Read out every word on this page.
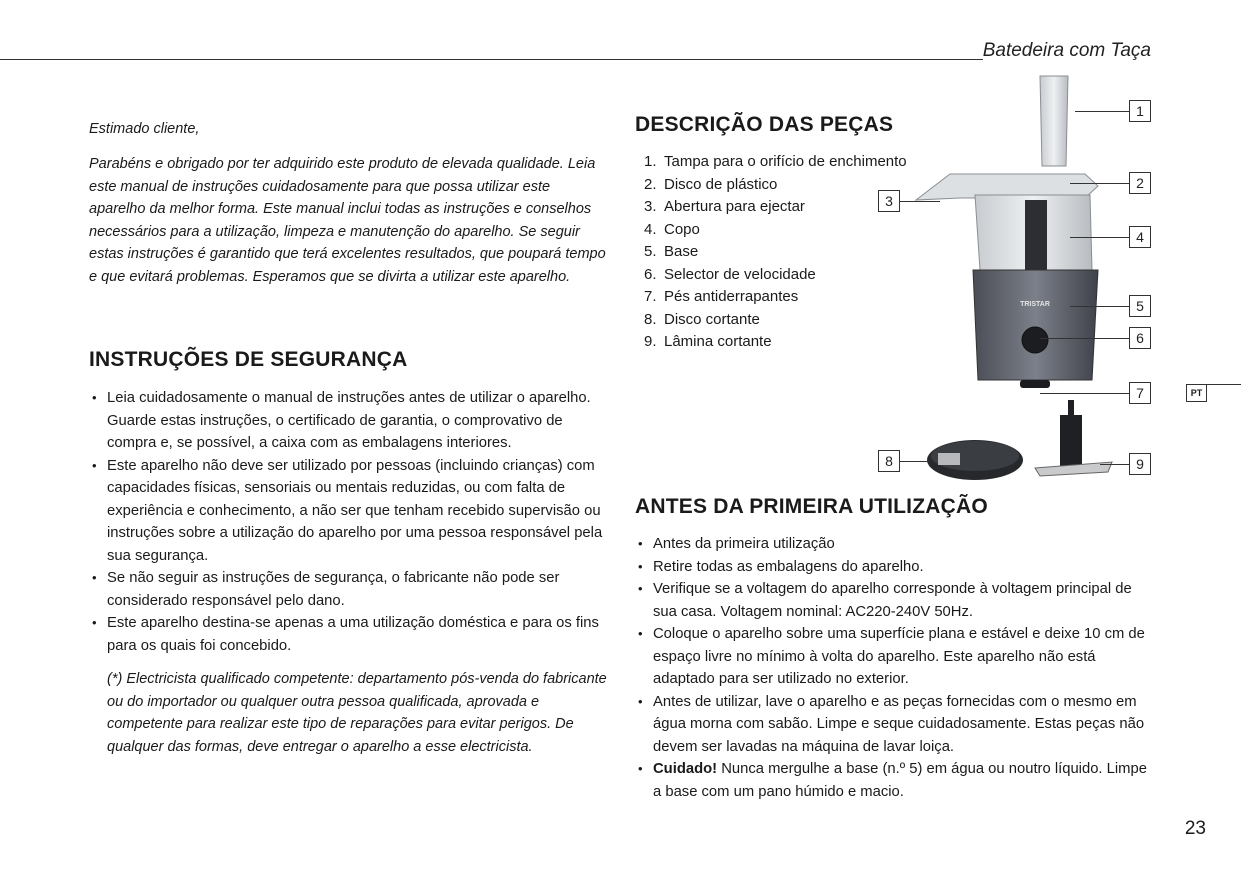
Batedeira com Taça

Estimado cliente,

Parabéns e obrigado por ter adquirido este produto de elevada qualidade. Leia este manual de instruções cuidadosamente para que possa utilizar este aparelho da melhor forma. Este manual inclui todas as instruções e conselhos necessários para a utilização, limpeza e manutenção do aparelho. Se seguir estas instruções é garantido que terá excelentes resultados, que poupará tempo e que evitará problemas. Esperamos que se divirta a utilizar este aparelho.

INSTRUÇÕES DE SEGURANÇA
• Leia cuidadosamente o manual de instruções antes de utilizar o aparelho. Guarde estas instruções, o certificado de garantia, o comprovativo de compra e, se possível, a caixa com as embalagens interiores.
• Este aparelho não deve ser utilizado por pessoas (incluindo crianças) com capacidades físicas, sensoriais ou mentais reduzidas, ou com falta de experiência e conhecimento, a não ser que tenham recebido supervisão ou instruções sobre a utilização do aparelho por uma pessoa responsável pela sua segurança.
• Se não seguir as instruções de segurança, o fabricante não pode ser considerado responsável pelo dano.
• Este aparelho destina-se apenas a uma utilização doméstica e para os fins para os quais foi concebido.
(*) Electricista qualificado competente: departamento pós-venda do fabricante ou do importador ou qualquer outra pessoa qualificada, aprovada e competente para realizar este tipo de reparações para evitar perigos. De qualquer das formas, deve entregar o aparelho a esse electricista.
DESCRIÇÃO DAS PEÇAS
1. Tampa para o orifício de enchimento
2. Disco de plástico
3. Abertura para ejectar
4. Copo
5. Base
6. Selector de velocidade
7. Pés antiderrapantes
8. Disco cortante
9. Lâmina cortante
TRISTAR
1
2
3
4
5
6
7
8	9
PT
ANTES DA PRIMEIRA UTILIZAÇÃO
• Antes da primeira utilização
• Retire todas as embalagens do aparelho.
• Verifique se a voltagem do aparelho corresponde à voltagem principal de sua casa. Voltagem nominal: AC220-240V 50Hz.
• Coloque o aparelho sobre uma superfície plana e estável e deixe 10 cm de espaço livre no mínimo à volta do aparelho. Este aparelho não está adaptado para ser utilizado no exterior.
• Antes de utilizar, lave o aparelho e as peças fornecidas com o mesmo em água morna com sabão. Limpe e seque cuidadosamente. Estas peças não devem ser lavadas na máquina de lavar loiça.
• Cuidado! Nunca mergulhe a base (n.º 5) em água ou noutro líquido. Limpe a base com um pano húmido e macio.
23
